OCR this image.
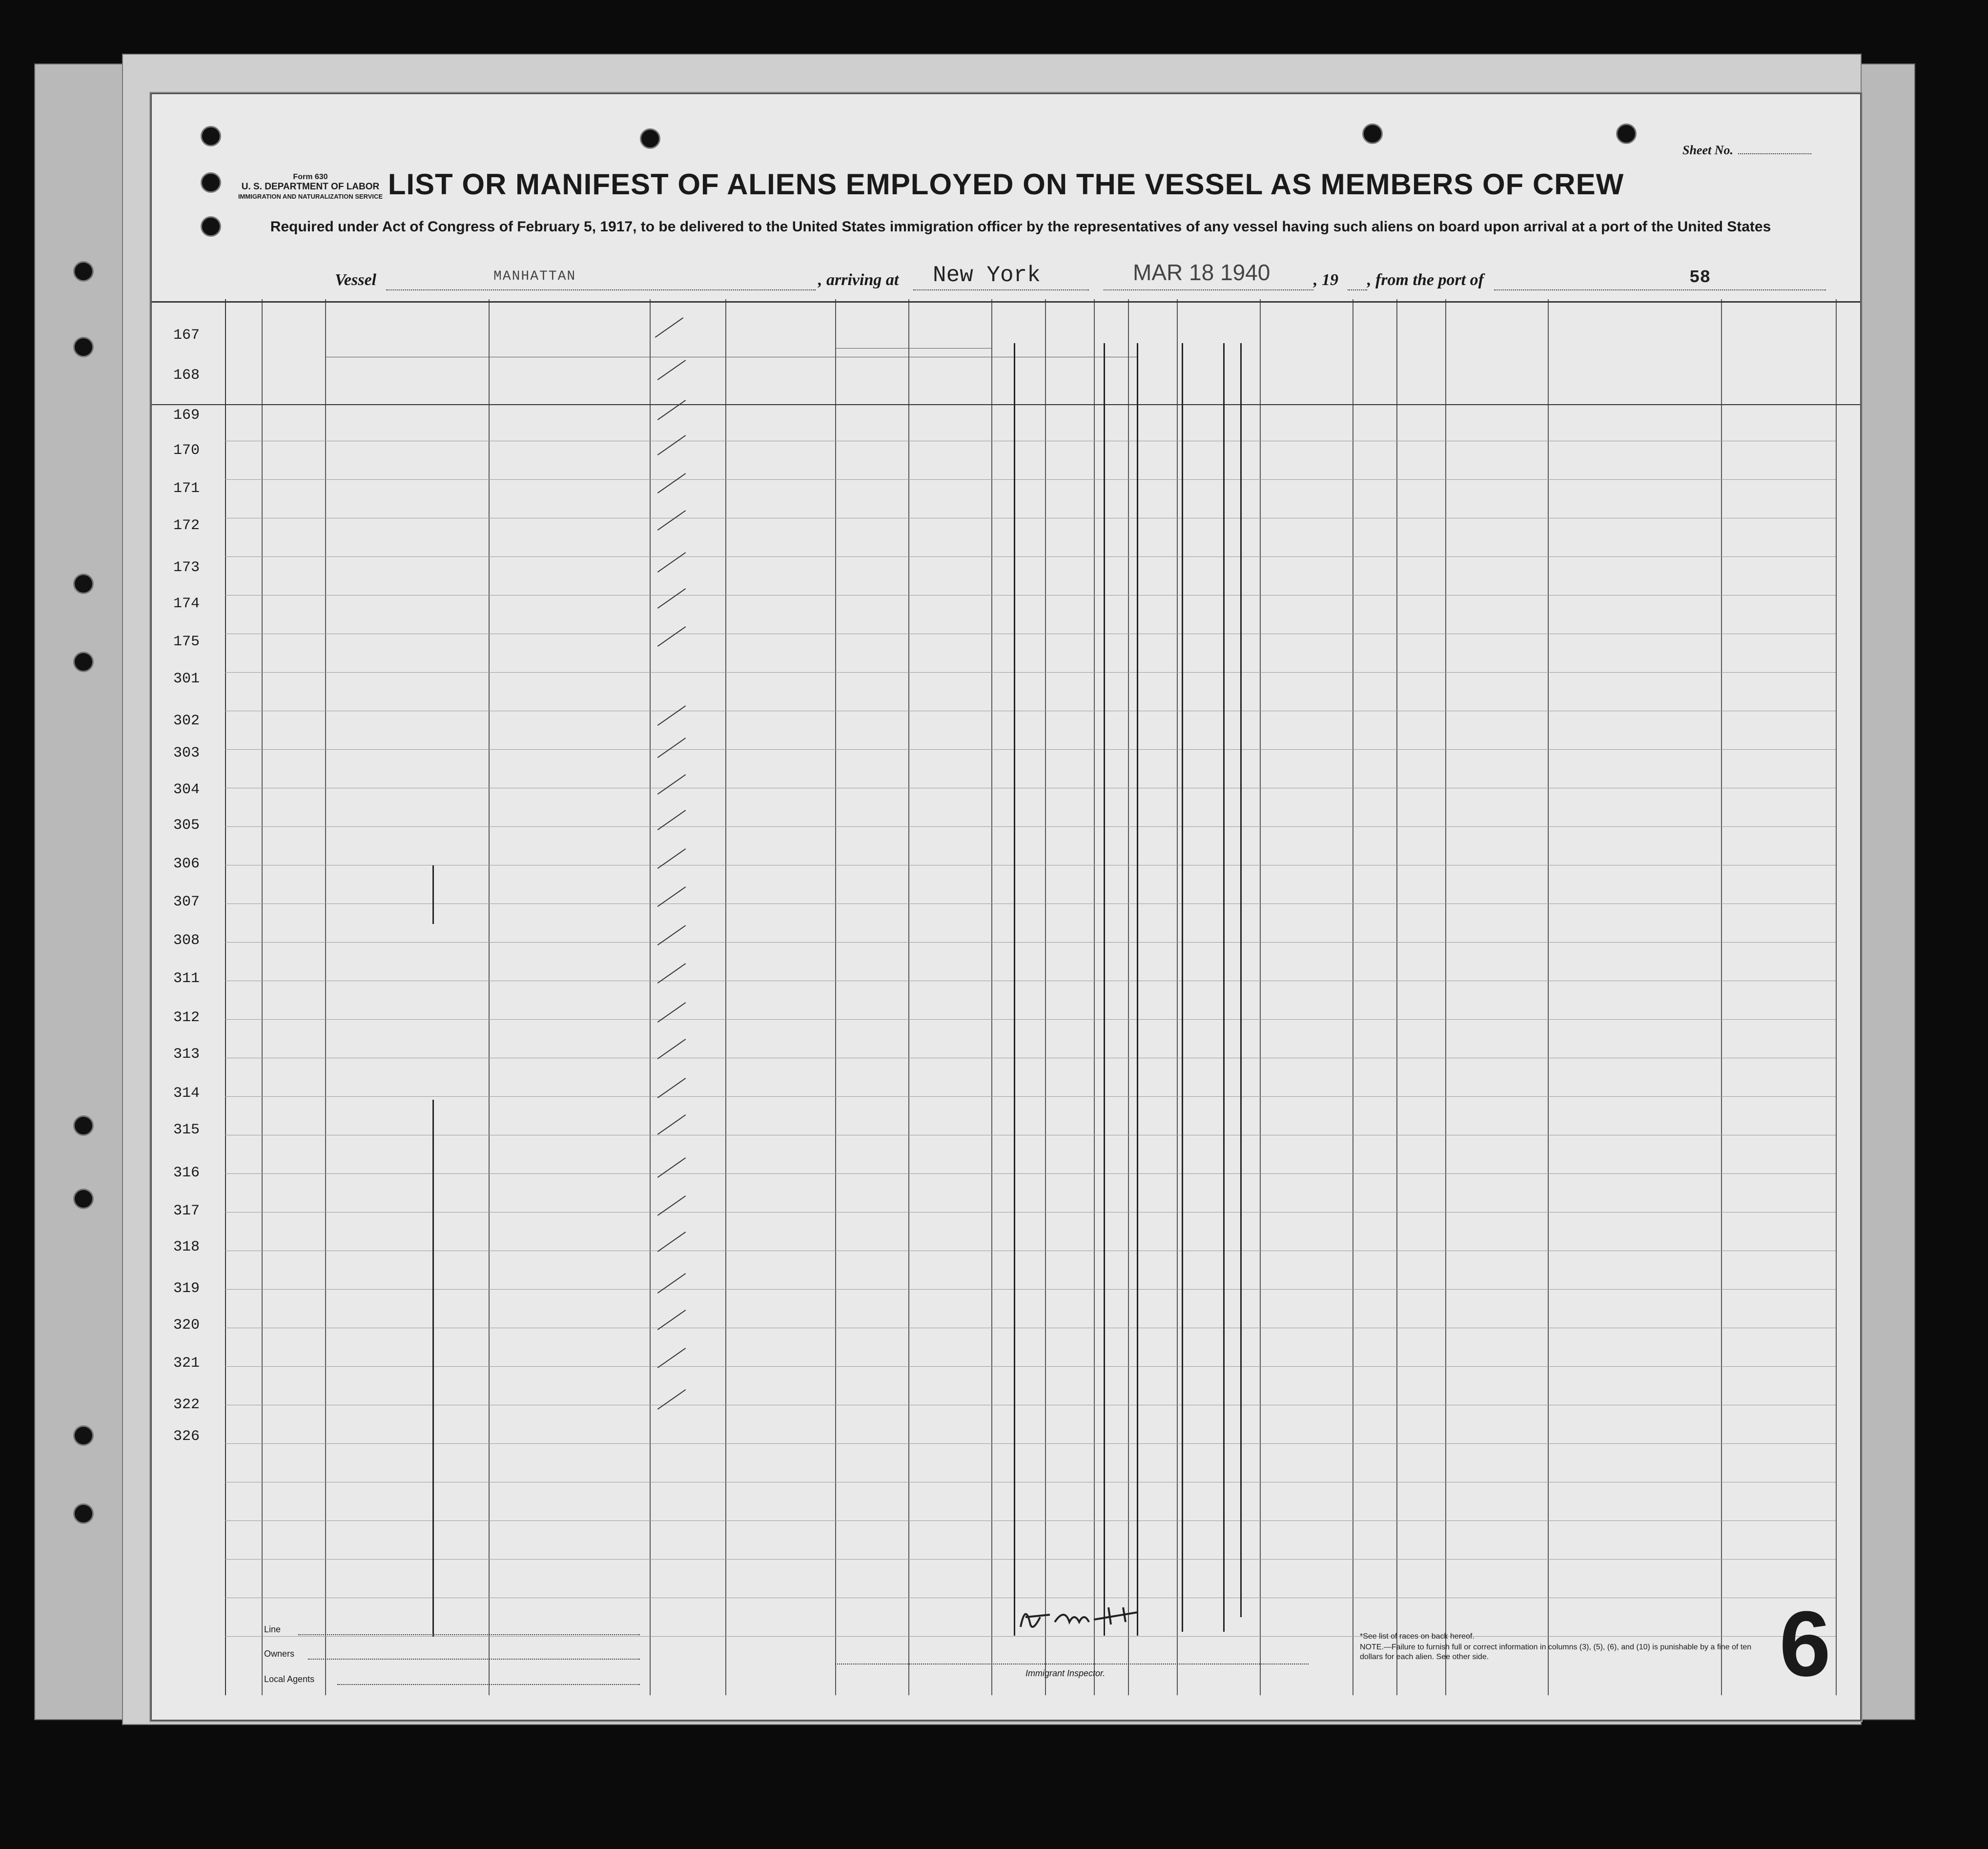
Form 630
U. S. DEPARTMENT OF LABOR
IMMIGRATION AND NATURALIZATION SERVICE
Sheet No.
LIST OR MANIFEST OF ALIENS EMPLOYED ON THE VESSEL AS MEMBERS OF CREW
Required under Act of Congress of February 5, 1917, to be delivered to the United States immigration officer by the representatives of any vessel having such aliens on board upon arrival at a port of the United States
Vessel	MANHATTAN	, arriving at New York	MAR 18 1940	, 19 , from the port of	58
Line
Owners
Local Agents
Immigrant Inspector.
*See list of races on back hereof.
NOTE.—Failure to furnish full or correct information in columns (3), (5), (6), and (10) is punishable by a fine of ten dollars for each alien. See other side.	6
167
168
169
170
171
172
173
174
175
301
302
303
304
305
306
307
308
311
312
313
314
315
316
317
318
319
320
321
322
326
